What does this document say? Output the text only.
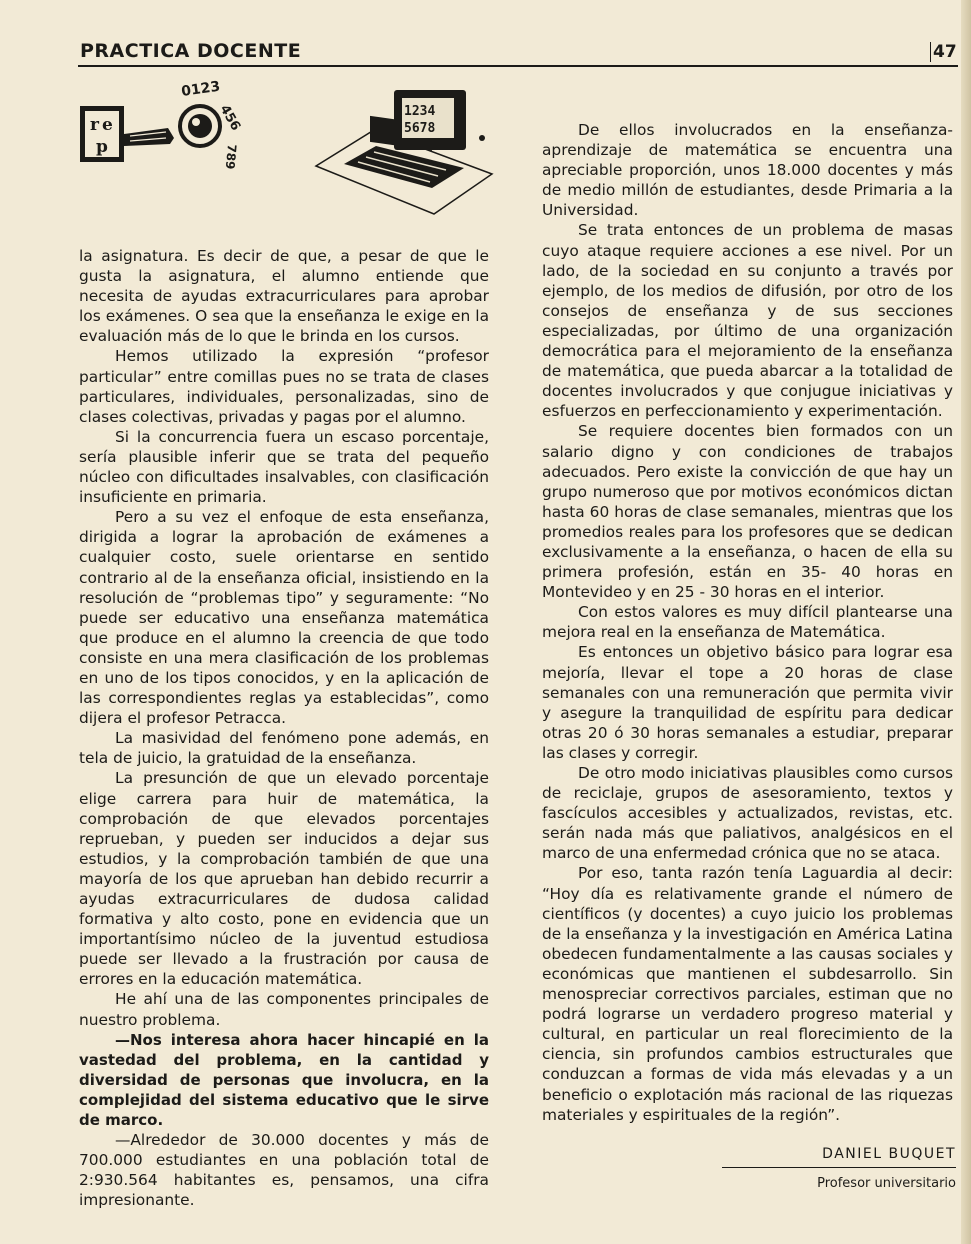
PRACTICA DOCENTE	47
r e
p
0123
456
789
1234
5678

la asignatura. Es decir de que, a pesar de que le gusta la asignatura, el alumno entiende que necesita de ayudas extracurriculares para aprobar los exámenes. O sea que la enseñanza le exige en la evaluación más de lo que le brinda en los cursos.

Hemos utilizado la expresión “profesor particular” entre comillas pues no se trata de clases particulares, individuales, personalizadas, sino de clases colectivas, privadas y pagas por el alumno.

Si la concurrencia fuera un escaso porcentaje, sería plausible inferir que se trata del pequeño núcleo con dificultades insalvables, con clasificación insuficiente en primaria.

Pero a su vez el enfoque de esta enseñanza, dirigida a lograr la aprobación de exámenes a cualquier costo, suele orientarse en sentido contrario al de la enseñanza oficial, insistiendo en la resolución de “problemas tipo” y seguramente: “No puede ser educativo una enseñanza matemática que produce en el alumno la creencia de que todo consiste en una mera clasificación de los problemas en uno de los tipos conocidos, y en la aplicación de las correspondientes reglas ya establecidas”, como dijera el profesor Petracca.

La masividad del fenómeno pone además, en tela de juicio, la gratuidad de la enseñanza.

La presunción de que un elevado porcentaje elige carrera para huir de matemática, la comprobación de que elevados porcentajes reprueban, y pueden ser inducidos a dejar sus estudios, y la comprobación también de que una mayoría de los que aprueban han debido recurrir a ayudas extracurriculares de dudosa calidad formativa y alto costo, pone en evidencia que un importantísimo núcleo de la juventud estudiosa puede ser llevado a la frustración por causa de errores en la educación matemática.

He ahí una de las componentes principales de nuestro problema.

—Nos interesa ahora hacer hincapié en la vastedad del problema, en la cantidad y diversidad de personas que involucra, en la complejidad del sistema educativo que le sirve de marco.

—Alrededor de 30.000 docentes y más de 700.000 estudiantes en una población total de 2:930.564 habitantes es, pensamos, una cifra impresionante.

De ellos involucrados en la enseñanza-aprendizaje de matemática se encuentra una apreciable proporción, unos 18.000 docentes y más de medio millón de estudiantes, desde Primaria a la Universidad.

Se trata entonces de un problema de masas cuyo ataque requiere acciones a ese nivel. Por un lado, de la sociedad en su conjunto a través por ejemplo, de los medios de difusión, por otro de los consejos de enseñanza y de sus secciones especializadas, por último de una organización democrática para el mejoramiento de la enseñanza de matemática, que pueda abarcar a la totalidad de docentes involucrados y que conjugue iniciativas y esfuerzos en perfeccionamiento y experimentación.

Se requiere docentes bien formados con un salario digno y con condiciones de trabajos adecuados. Pero existe la convicción de que hay un grupo numeroso que por motivos económicos dictan hasta 60 horas de clase semanales, mientras que los promedios reales para los profesores que se dedican exclusivamente a la enseñanza, o hacen de ella su primera profesión, están en 35- 40 horas en Montevideo y en 25 - 30 horas en el interior.

Con estos valores es muy difícil plantearse una mejora real en la enseñanza de Matemática.

Es entonces un objetivo básico para lograr esa mejoría, llevar el tope a 20 horas de clase semanales con una remuneración que permita vivir y asegure la tranquilidad de espíritu para dedicar otras 20 ó 30 horas semanales a estudiar, preparar las clases y corregir.

De otro modo iniciativas plausibles como cursos de reciclaje, grupos de asesoramiento, textos y fascículos accesibles y actualizados, revistas, etc. serán nada más que paliativos, analgésicos en el marco de una enfermedad crónica que no se ataca.

Por eso, tanta razón tenía Laguardia al decir: “Hoy día es relativamente grande el número de científicos (y docentes) a cuyo juicio los problemas de la enseñanza y la investigación en América Latina obedecen fundamentalmente a las causas sociales y económicas que mantienen el subdesarrollo. Sin menospreciar correctivos parciales, estiman que no podrá lograrse un verdadero progreso material y cultural, en particular un real florecimiento de la ciencia, sin profundos cambios estructurales que conduzcan a formas de vida más elevadas y a un beneficio o explotación más racional de las riquezas materiales y espirituales de la región”.

DANIEL BUQUET
Profesor universitario
